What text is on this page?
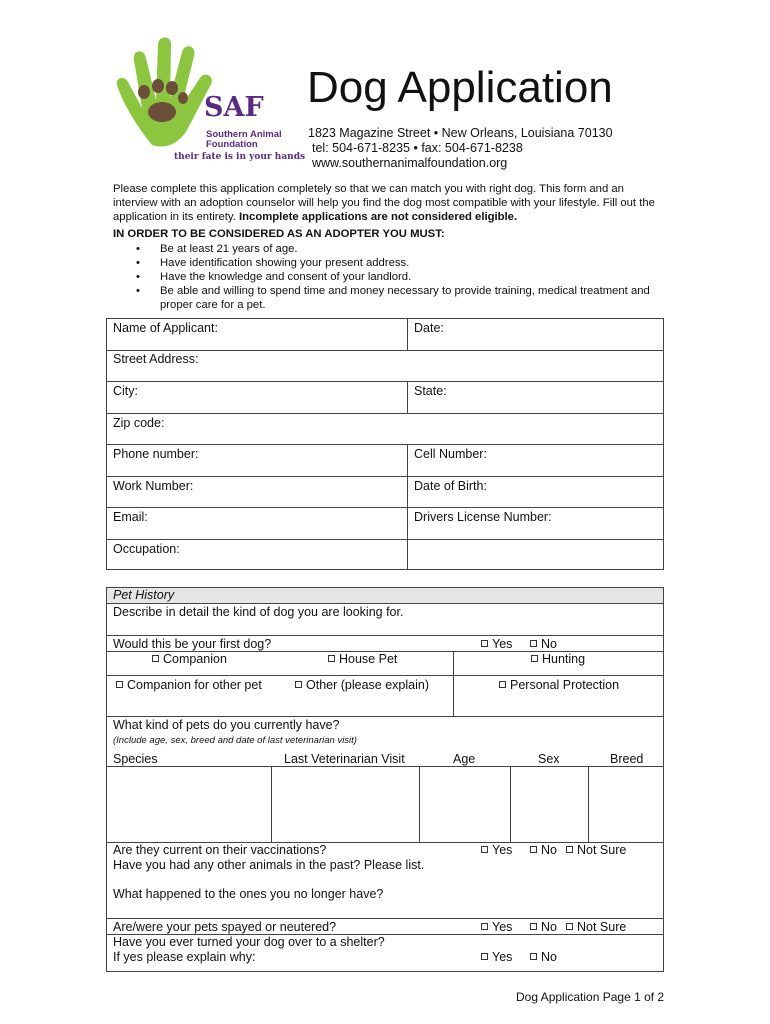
SAF
Southern Animal
Foundation
their fate is in your hands
Dog Application
1823 Magazine Street • New Orleans, Louisiana 70130
tel: 504-671-8235 • fax: 504-671-8238
www.southernanimalfoundation.org
Please complete this application completely so that we can match you with right dog. This form and an interview with an adoption counselor will help you find the dog most compatible with your lifestyle. Fill out the application in its entirety. Incomplete applications are not considered eligible.
IN ORDER TO BE CONSIDERED AS AN ADOPTER YOU MUST:
• Be at least 21 years of age.
• Have identification showing your present address.
• Have the knowledge and consent of your landlord.
• Be able and willing to spend time and money necessary to provide training, medical treatment and proper care for a pet.
Name of Applicant:	Date:
Street Address:
City:	State:
Zip code:
Phone number:	Cell Number:
Work Number:	Date of Birth:
Email:	Drivers License Number:
Occupation:
Pet History
Describe in detail the kind of dog you are looking for.
Would this be your first dog?	Yes	No
Companion	House Pet	Hunting
Companion for other pet	Other (please explain)	Personal Protection
What kind of pets do you currently have?
(Include age, sex, breed and date of last veterinarian visit)
Species	Last Veterinarian Visit	Age	Sex	Breed
Are they current on their vaccinations?	Yes	No	Not Sure
Have you had any other animals in the past? Please list.
What happened to the ones you no longer have?
Are/were your pets spayed or neutered?	Yes	No	Not Sure
Have you ever turned your dog over to a shelter?
If yes please explain why:	Yes	No
Dog Application Page 1 of 2
